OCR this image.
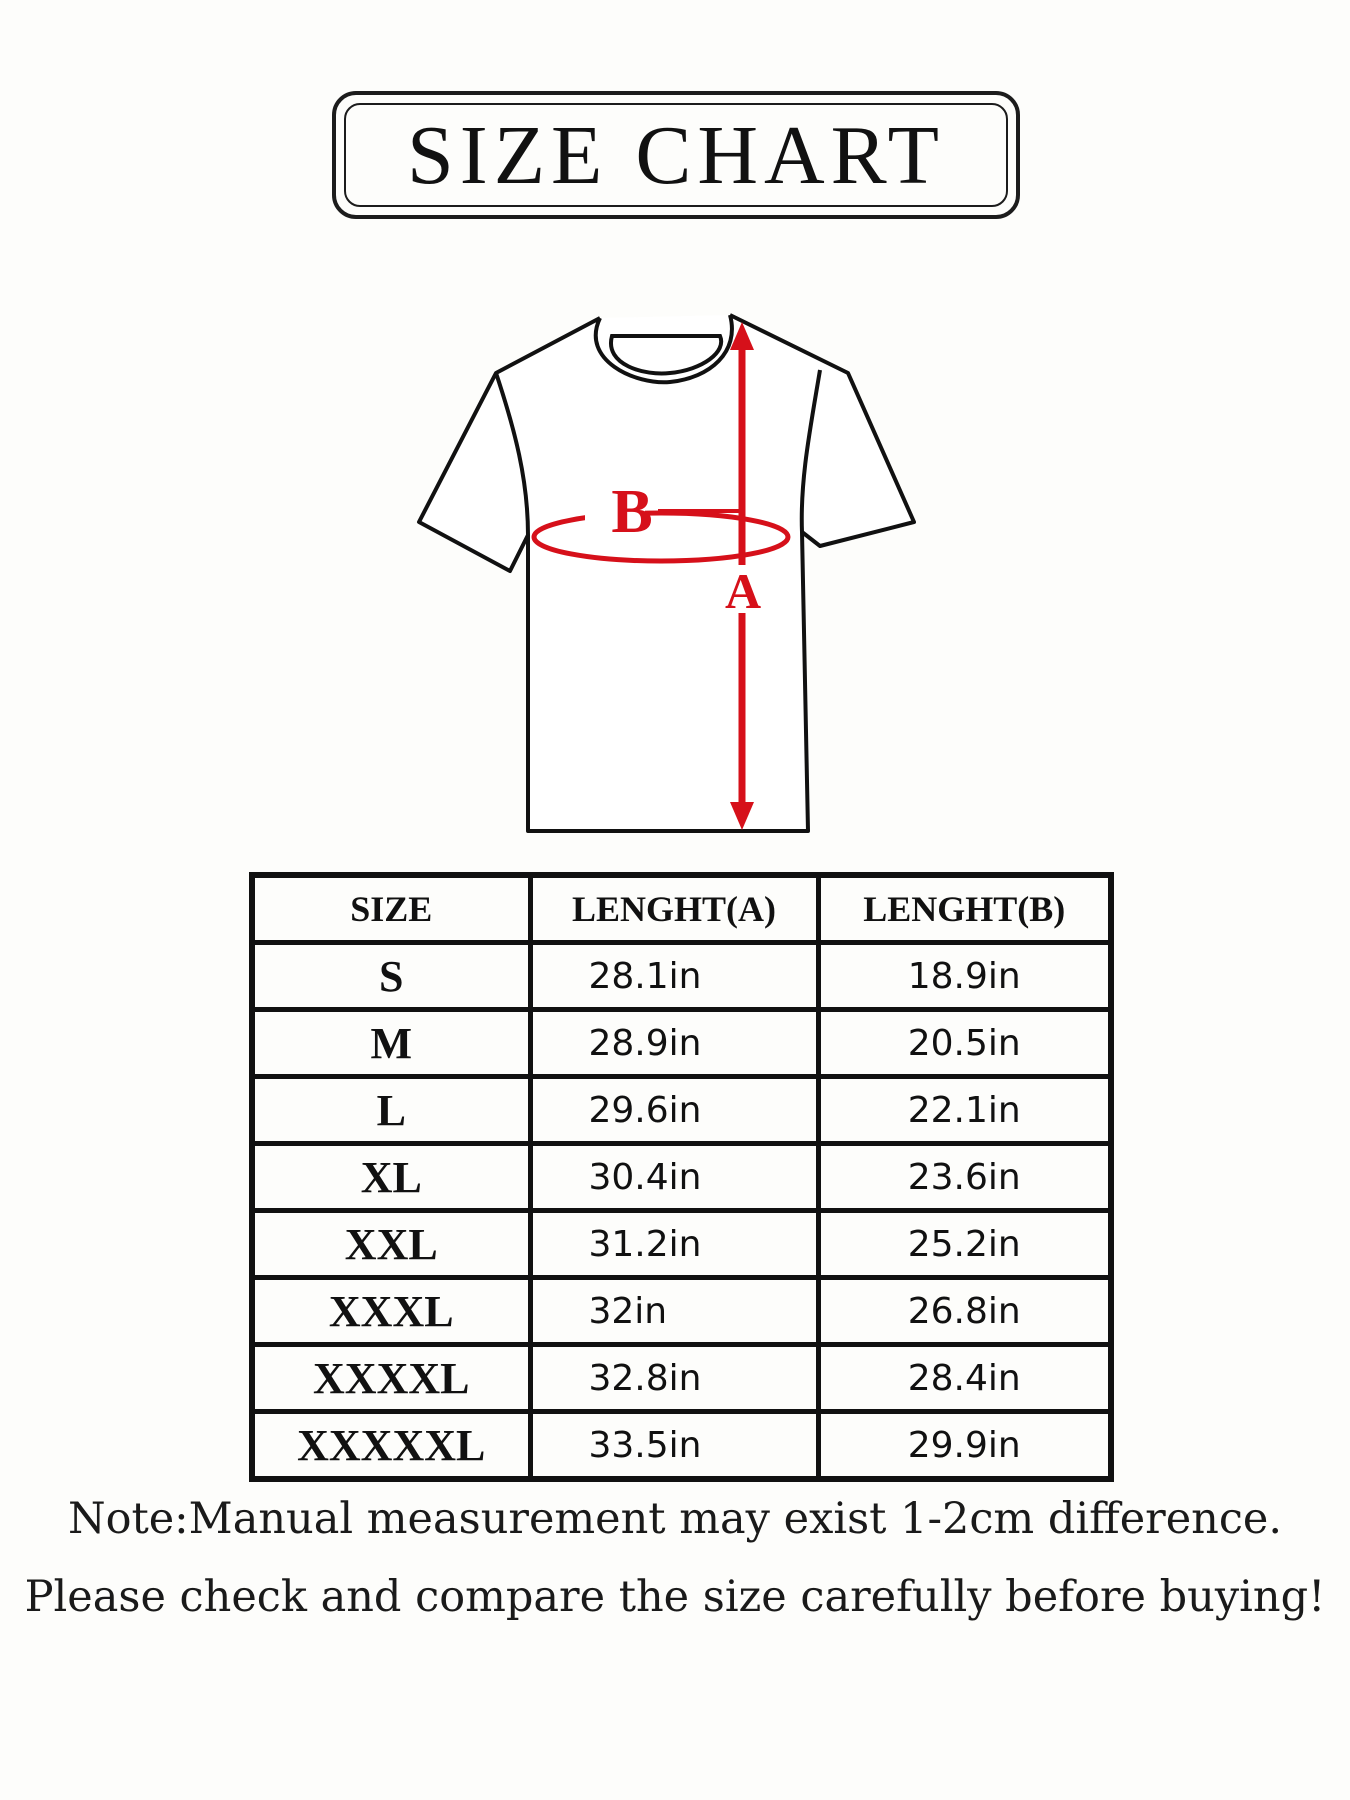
SIZE CHART
B
A
SIZE	LENGHT(A)	LENGHT(B)
S	28.1in	18.9in
M	28.9in	20.5in
L	29.6in	22.1in
XL	30.4in	23.6in
XXL	31.2in	25.2in
XXXL	32in	26.8in
XXXXL	32.8in	28.4in
XXXXXL	33.5in	29.9in
Note:Manual measurement may exist 1-2cm difference.
Please check and compare the size carefully before buying!
